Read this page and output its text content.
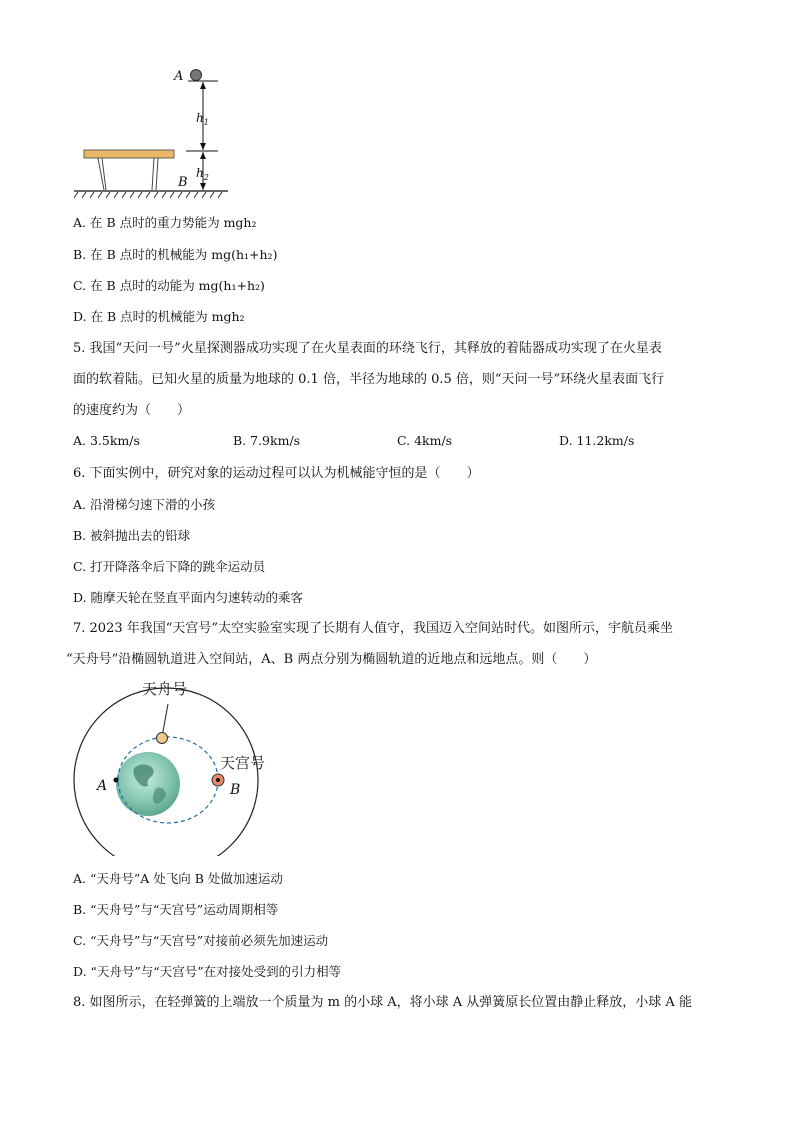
A
$h_1$
$h_2$
B
A. 在 B 点时的重力势能为 mgh₂
B. 在 B 点时的机械能为 mg(h₁+h₂)
C. 在 B 点时的动能为 mg(h₁+h₂)
D. 在 B 点时的机械能为 mgh₂
5. 我国“天问一号”火星探测器成功实现了在火星表面的环绕飞行，其释放的着陆器成功实现了在火星表
面的软着陆。已知火星的质量为地球的 0.1 倍，半径为地球的 0.5 倍，则“天问一号”环绕火星表面飞行
的速度约为（　　）
A. 3.5km/s	B. 7.9km/s	C. 4km/s	D. 11.2km/s
6. 下面实例中，研究对象的运动过程可以认为机械能守恒的是（　　）
A. 沿滑梯匀速下滑的小孩
B. 被斜抛出去的铅球
C. 打开降落伞后下降的跳伞运动员
D. 随摩天轮在竖直平面内匀速转动的乘客
7. 2023 年我国“天宫号”太空实验室实现了长期有人值守，我国迈入空间站时代。如图所示，宇航员乘坐
“天舟号”沿椭圆轨道进入空间站，A、B 两点分别为椭圆轨道的近地点和远地点。则（　　）
A
天舟号
天宫号
B
A. “天舟号”A 处飞向 B 处做加速运动
B. “天舟号”与“天宫号”运动周期相等
C. “天舟号”与“天宫号”对接前必须先加速运动
D. “天舟号”与“天宫号”在对接处受到的引力相等
8. 如图所示，在轻弹簧的上端放一个质量为 m 的小球 A，将小球 A 从弹簧原长位置由静止释放，小球 A 能
